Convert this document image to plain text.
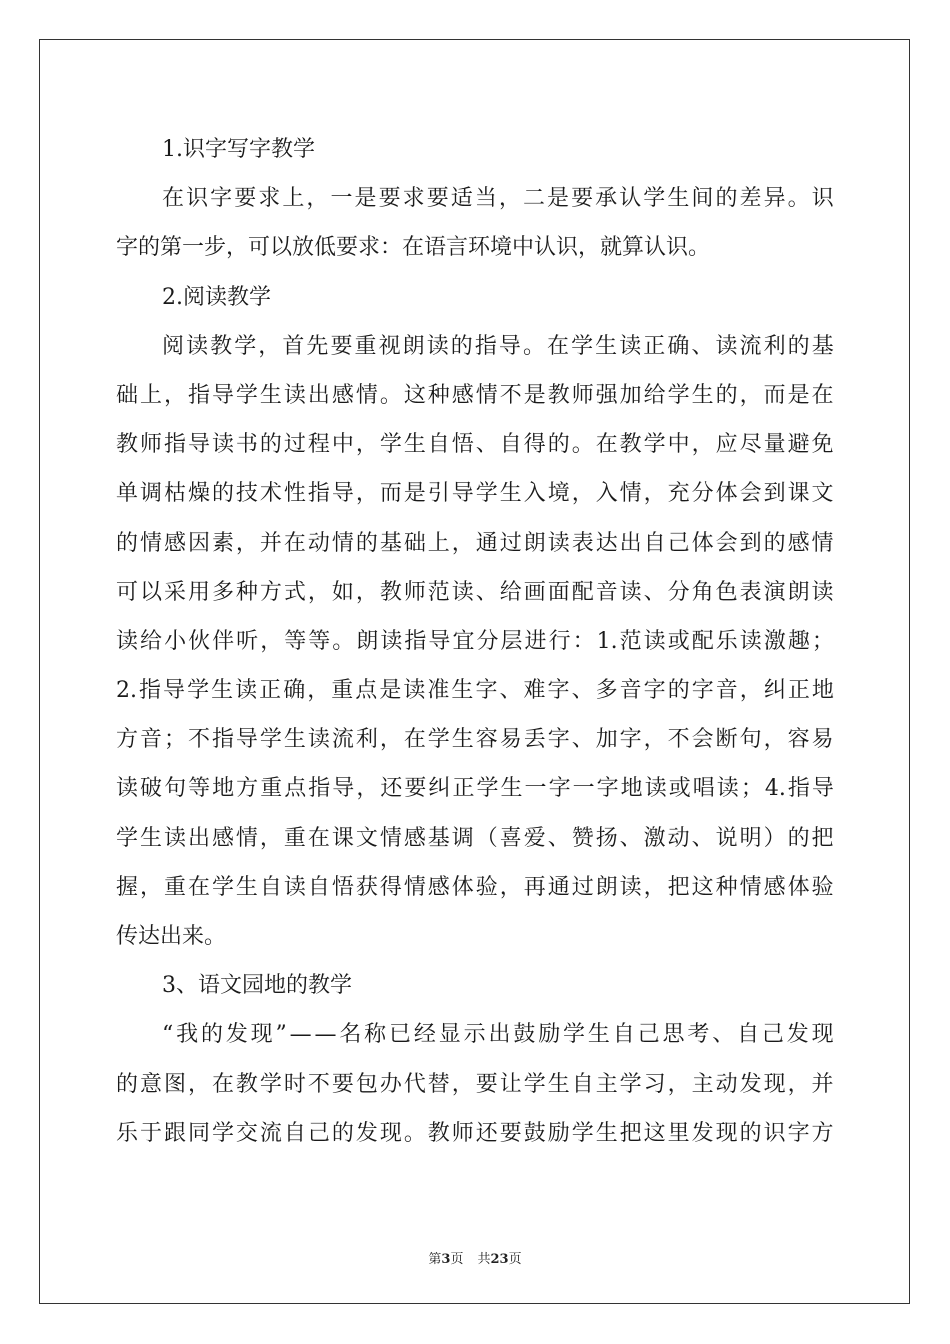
1.识字写字教学
在 识 字 要 求 上 ， 一 是 要 求 要 适 当 ， 二 是 要 承 认 学 生 间 的 差 异 。 识
字的第一步，可以放低要求：在语言环境中认识，就算认识。
2.阅读教学
阅 读 教 学 ， 首 先 要 重 视 朗 读 的 指 导 。 在 学 生 读 正 确 、 读 流 利 的 基
础 上 ， 指 导 学 生 读 出 感 情 。 这 种 感 情 不 是 教 师 强 加 给 学 生 的 ， 而 是 在
教 师 指 导 读 书 的 过 程 中 ， 学 生 自 悟 、 自 得 的 。 在 教 学 中 ， 应 尽 量 避 免
单 调 枯 燥 的 技 术 性 指 导 ， 而 是 引 导 学 生 入 境 ， 入 情 ， 充 分 体 会 到 课 文
的 情 感 因 素 ， 并 在 动 情 的 基 础 上 ， 通 过 朗 读 表 达 出 自 己 体 会 到 的 感 情
可 以 采 用 多 种 方 式 ， 如 ， 教 师 范 读 、 给 画 面 配 音 读 、 分 角 色 表 演 朗 读
读 给 小 伙 伴 听 ， 等 等 。 朗 读 指 导 宜 分 层 进 行 ： 1. 范 读 或 配 乐 读 激 趣 ；
2. 指 导 学 生 读 正 确 ， 重 点 是 读 准 生 字 、 难 字 、 多 音 字 的 字 音 ， 纠 正 地
方 音 ； 不 指 导 学 生 读 流 利 ， 在 学 生 容 易 丢 字 、 加 字 ， 不 会 断 句 ， 容 易
读 破 句 等 地 方 重 点 指 导 ， 还 要 纠 正 学 生 一 字 一 字 地 读 或 唱 读 ； 4. 指 导
学 生 读 出 感 情 ， 重 在 课 文 情 感 基 调 （ 喜 爱 、 赞 扬 、 激 动 、 说 明 ） 的 把
握 ， 重 在 学 生 自 读 自 悟 获 得 情 感 体 验 ， 再 通 过 朗 读 ， 把 这 种 情 感 体 验
传达出来。
3、语文园地的教学
“ 我 的 发 现 ” — — 名 称 已 经 显 示 出 鼓 励 学 生 自 己 思 考 、 自 己 发 现
的 意 图 ， 在 教 学 时 不 要 包 办 代 替 ， 要 让 学 生 自 主 学 习 ， 主 动 发 现 ， 并
乐 于 跟 同 学 交 流 自 己 的 发 现 。 教 师 还 要 鼓 励 学 生 把 这 里 发 现 的 识 字 方
第3页 共23页
